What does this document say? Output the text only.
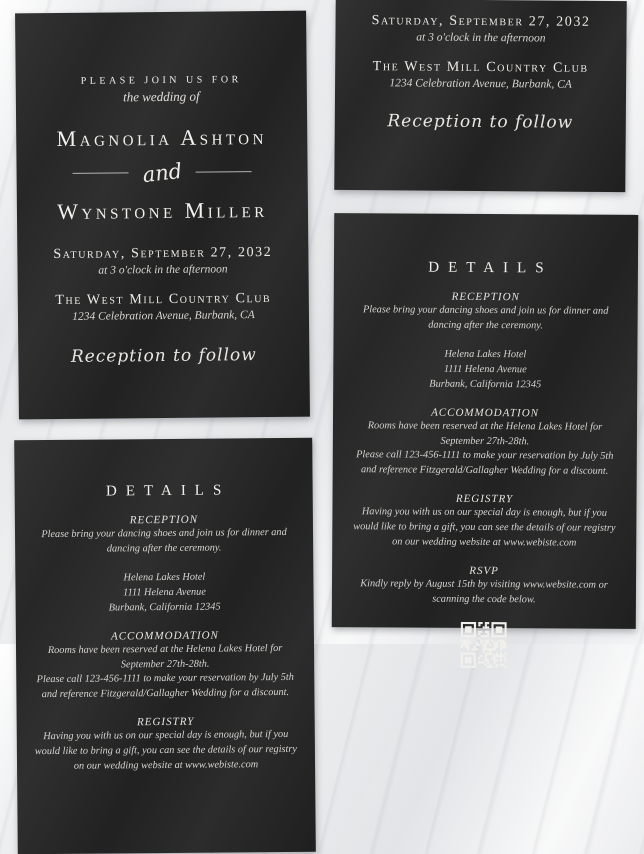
PLEASE JOIN US FOR
the wedding of
Magnolia Ashton
and
Wynstone Miller
Saturday, September 27, 2032
at 3 o'clock in the afternoon
The West Mill Country Club
1234 Celebration Avenue, Burbank, CA
Reception to follow
Saturday, September 27, 2032
at 3 o'clock in the afternoon
The West Mill Country Club
1234 Celebration Avenue, Burbank, CA
Reception to follow
DETAILS
RECEPTION
Please bring your dancing shoes and join us for dinner and
dancing after the ceremony.
Helena Lakes Hotel
1111 Helena Avenue
Burbank, California 12345
ACCOMMODATION
Rooms have been reserved at the Helena Lakes Hotel for
September 27th-28th.
Please call 123-456-1111 to make your reservation by July 5th
and reference Fitzgerald/Gallagher Wedding for a discount.
REGISTRY
Having you with us on our special day is enough, but if you
would like to bring a gift, you can see the details of our registry
on our wedding website at www.webiste.com
RSVP
Kindly reply by August 15th by visiting www.website.com or
scanning the code below.
DETAILS
RECEPTION
Please bring your dancing shoes and join us for dinner and
dancing after the ceremony.
Helena Lakes Hotel
1111 Helena Avenue
Burbank, California 12345
ACCOMMODATION
Rooms have been reserved at the Helena Lakes Hotel for
September 27th-28th.
Please call 123-456-1111 to make your reservation by July 5th
and reference Fitzgerald/Gallagher Wedding for a discount.
REGISTRY
Having you with us on our special day is enough, but if you
would like to bring a gift, you can see the details of our registry
on our wedding website at www.webiste.com
